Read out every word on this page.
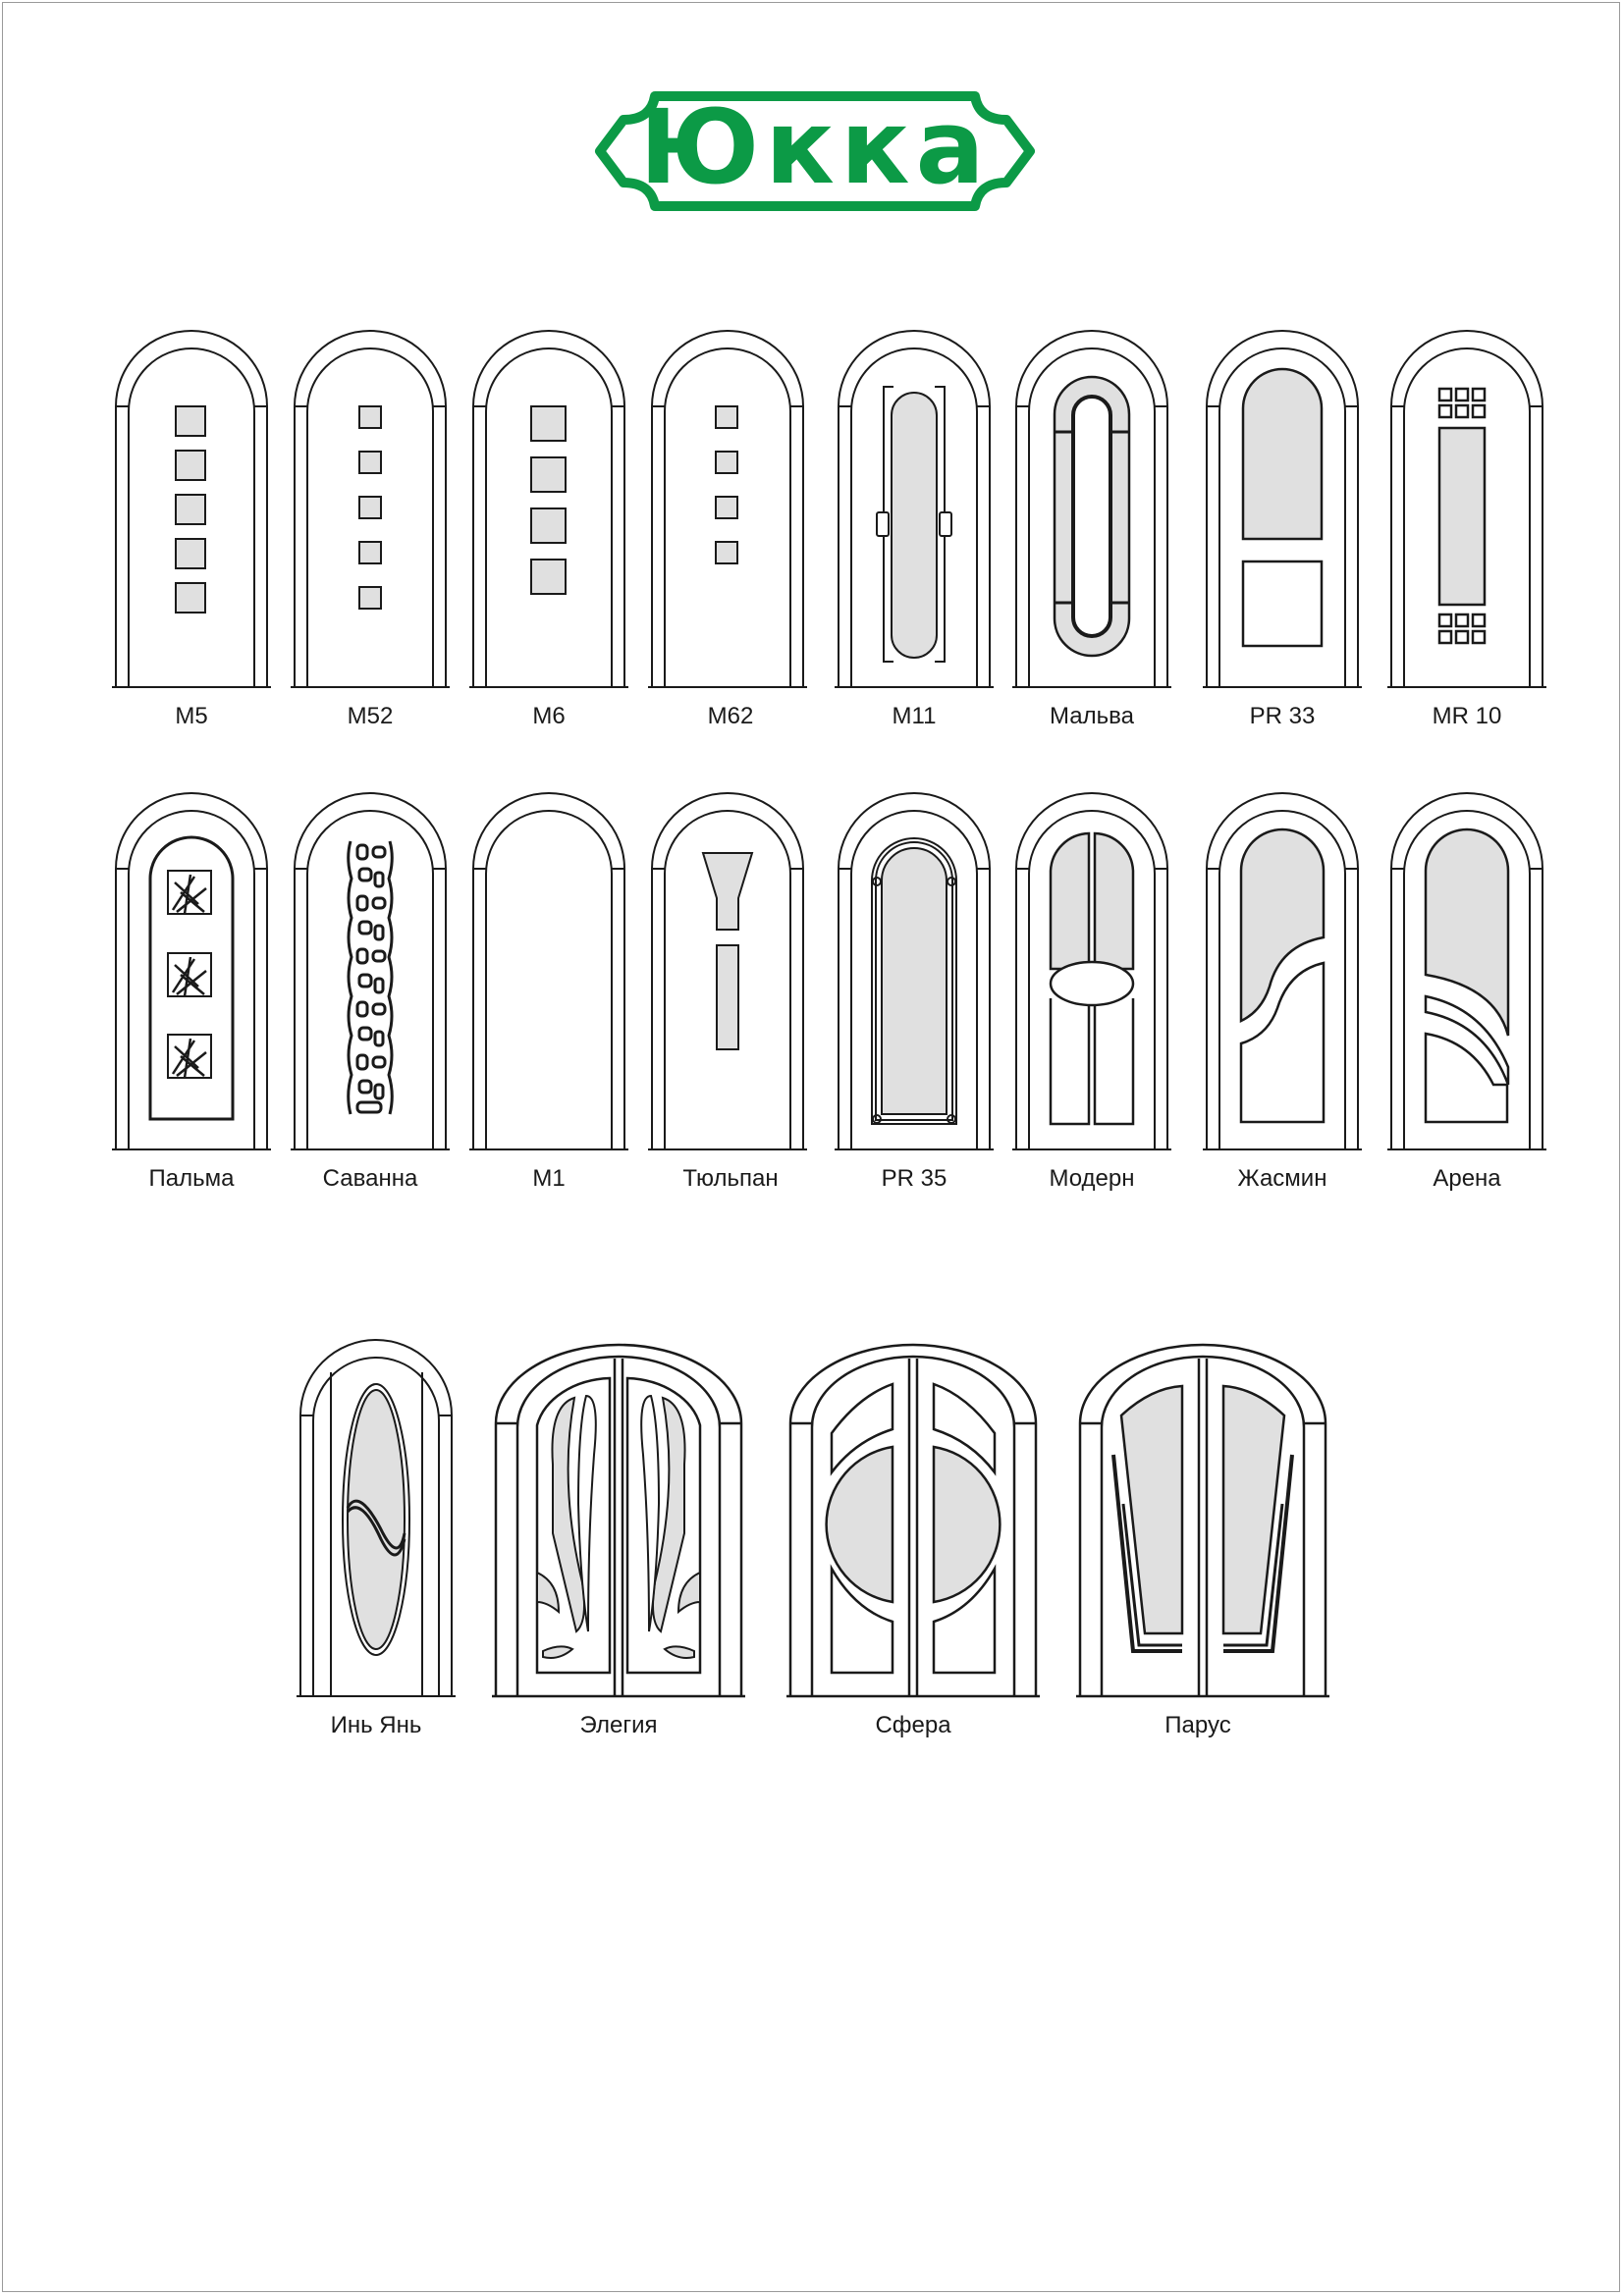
Юкка
M5	M52	M6	M62	M11	Мальва	PR 33	MR 10
Пальма	Саванна	M1	Тюльпан	PR 35	Модерн	Жасмин	Арена
Инь Янь	Элегия	Сфера	Парус
